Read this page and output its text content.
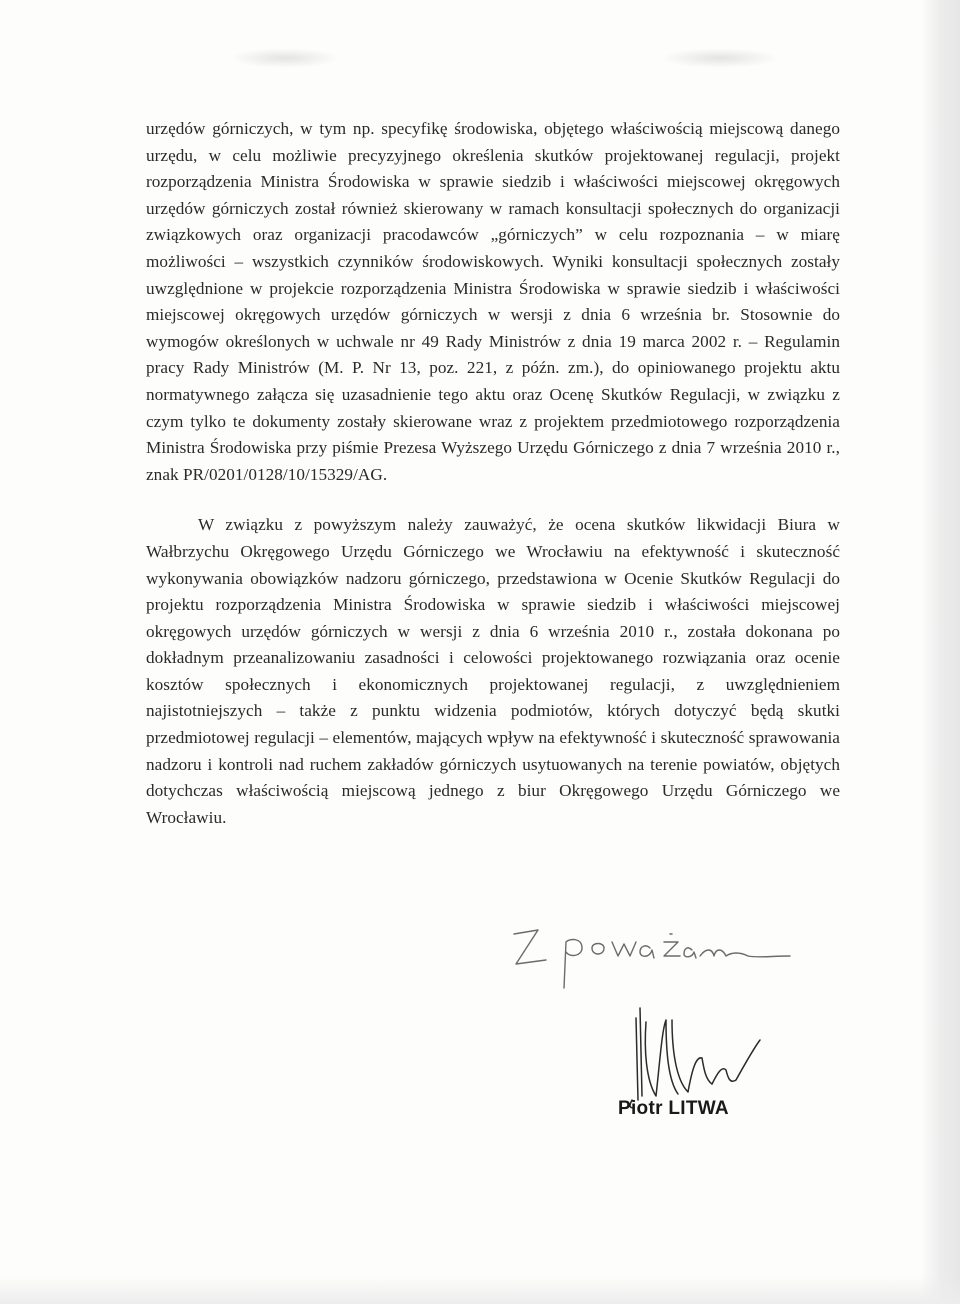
urzędów górniczych, w tym np. specyfikę środowiska, objętego właściwością miejscową danego urzędu, w celu możliwie precyzyjnego określenia skutków projektowanej regulacji, projekt rozporządzenia Ministra Środowiska w sprawie siedzib i właściwości miejscowej okręgowych urzędów górniczych został również skierowany w ramach konsultacji społecznych do organizacji związkowych oraz organizacji pracodawców „górniczych” w celu rozpoznania – w miarę możliwości – wszystkich czynników środowiskowych. Wyniki konsultacji społecznych zostały uwzględnione w projekcie rozporządzenia Ministra Środowiska w sprawie siedzib i właściwości miejscowej okręgowych urzędów górniczych w wersji z dnia 6 września br. Stosownie do wymogów określonych w uchwale nr 49 Rady Ministrów z dnia 19 marca 2002 r. – Regulamin pracy Rady Ministrów (M. P. Nr 13, poz. 221, z późn. zm.), do opiniowanego projektu aktu normatywnego załącza się uzasadnienie tego aktu oraz Ocenę Skutków Regulacji, w związku z czym tylko te dokumenty zostały skierowane wraz z projektem przedmiotowego rozporządzenia Ministra Środowiska przy piśmie Prezesa Wyższego Urzędu Górniczego z dnia 7 września 2010 r., znak PR/0201/0128/10/15329/AG.

W związku z powyższym należy zauważyć, że ocena skutków likwidacji Biura w Wałbrzychu Okręgowego Urzędu Górniczego we Wrocławiu na efektywność i skuteczność wykonywania obowiązków nadzoru górniczego, przedstawiona w Ocenie Skutków Regulacji do projektu rozporządzenia Ministra Środowiska w sprawie siedzib i właściwości miejscowej okręgowych urzędów górniczych w wersji z dnia 6 września 2010 r., została dokonana po dokładnym przeanalizowaniu zasadności i celowości projektowanego rozwiązania oraz ocenie kosztów społecznych i ekonomicznych projektowanej regulacji, z uwzględnieniem najistotniejszych – także z punktu widzenia podmiotów, których dotyczyć będą skutki przedmiotowej regulacji – elementów, mających wpływ na efektywność i skuteczność sprawowania nadzoru i kontroli nad ruchem zakładów górniczych usytuowanych na terenie powiatów, objętych dotychczas właściwością miejscową jednego z biur Okręgowego Urzędu Górniczego we Wrocławiu.

Piotr LITWA
